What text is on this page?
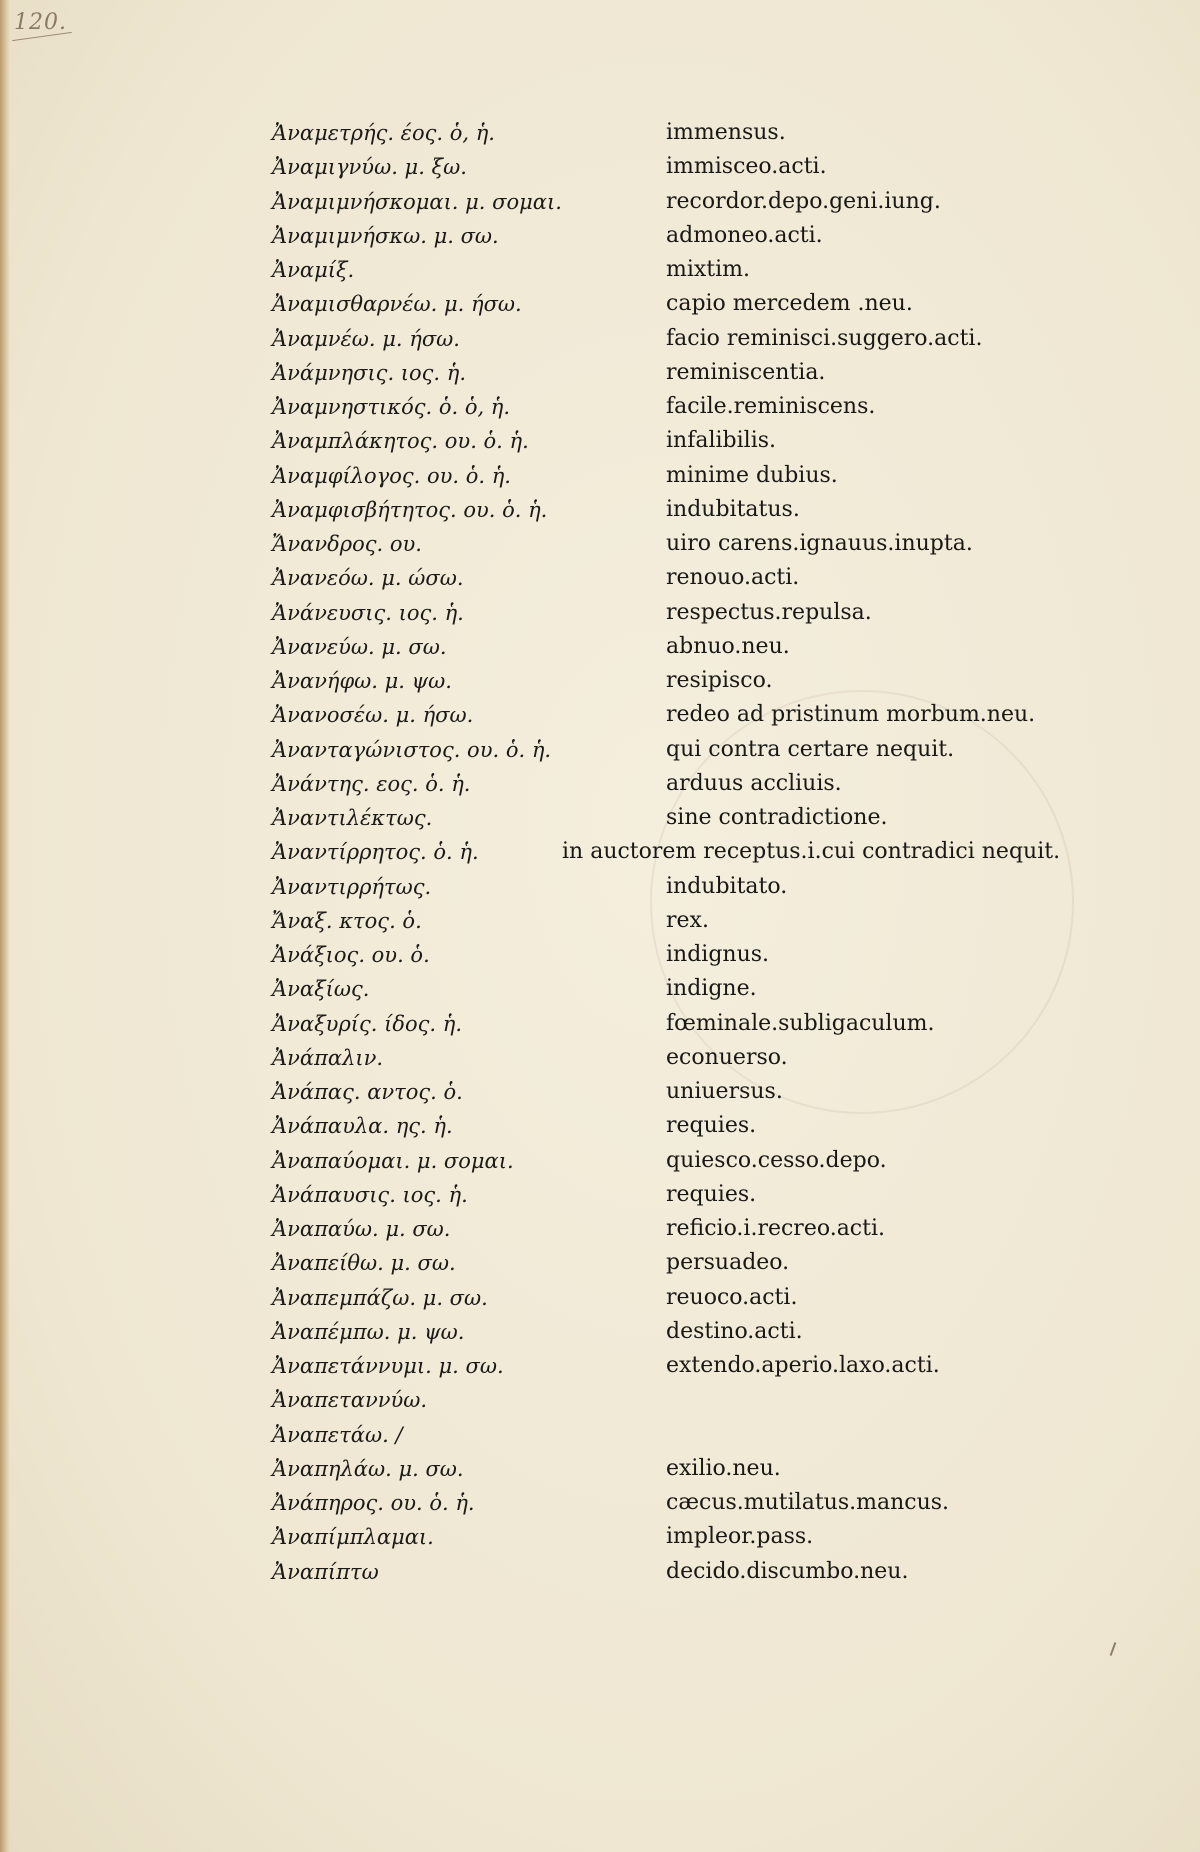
120.
Ἀναμετρής. έος. ὁ, ἡ.	immensus.
Ἀναμιγνύω. μ. ξω.	immisceo.acti.
Ἀναμιμνήσκομαι. μ. σομαι.	recordor.depo.geni.iung.
Ἀναμιμνήσκω. μ. σω.	admoneo.acti.
Ἀναμίξ.	mixtim.
Ἀναμισθαρνέω. μ. ήσω.	capio mercedem .neu.
Ἀναμνέω. μ. ήσω.	facio reminisci.suggero.acti.
Ἀνάμνησις. ιος. ἡ.	reminiscentia.
Ἀναμνηστικός. ὁ. ὁ, ἡ.	facile.reminiscens.
Ἀναμπλάκητος. ου. ὁ. ἡ.	infalibilis.
Ἀναμφίλογος. ου. ὁ. ἡ.	minime dubius.
Ἀναμφισβήτητος. ου. ὁ. ἡ.	indubitatus.
Ἄνανδρος. ου.	uiro carens.ignauus.inupta.
Ἀνανεόω. μ. ώσω.	renouo.acti.
Ἀνάνευσις. ιος. ἡ.	respectus.repulsa.
Ἀνανεύω. μ. σω.	abnuo.neu.
Ἀνανήφω. μ. ψω.	resipisco.
Ἀνανοσέω. μ. ήσω.	redeo ad pristinum morbum.neu.
Ἀνανταγώνιστος. ου. ὁ. ἡ.	qui contra certare nequit.
Ἀνάντης. εος. ὁ. ἡ.	arduus accliuis.
Ἀναντιλέκτως.	sine contradictione.
Ἀναντίρρητος. ὁ. ἡ.	in auctorem receptus.i.cui contradici nequit.
Ἀναντιρρήτως.	indubitato.
Ἄναξ. κτος. ὁ.	rex.
Ἀνάξιος. ου. ὁ.	indignus.
Ἀναξίως.	indigne.
Ἀναξυρίς. ίδος. ἡ.	fœminale.subligaculum.
Ἀνάπαλιν.	econuerso.
Ἀνάπας. αντος. ὁ.	uniuersus.
Ἀνάπαυλα. ης. ἡ.	requies.
Ἀναπαύομαι. μ. σομαι.	quiesco.cesso.depo.
Ἀνάπαυσις. ιος. ἡ.	requies.
Ἀναπαύω. μ. σω.	reficio.i.recreo.acti.
Ἀναπείθω. μ. σω.	persuadeo.
Ἀναπεμπάζω. μ. σω.	reuoco.acti.
Ἀναπέμπω. μ. ψω.	destino.acti.
Ἀναπετάννυμι. μ. σω.	extendo.aperio.laxo.acti.
Ἀναπεταννύω.
Ἀναπετάω. /
Ἀναπηλάω. μ. σω.	exilio.neu.
Ἀνάπηρος. ου. ὁ. ἡ.	cæcus.mutilatus.mancus.
Ἀναπίμπλαμαι.	impleor.pass.
Ἀναπίπτω	decido.discumbo.neu.
